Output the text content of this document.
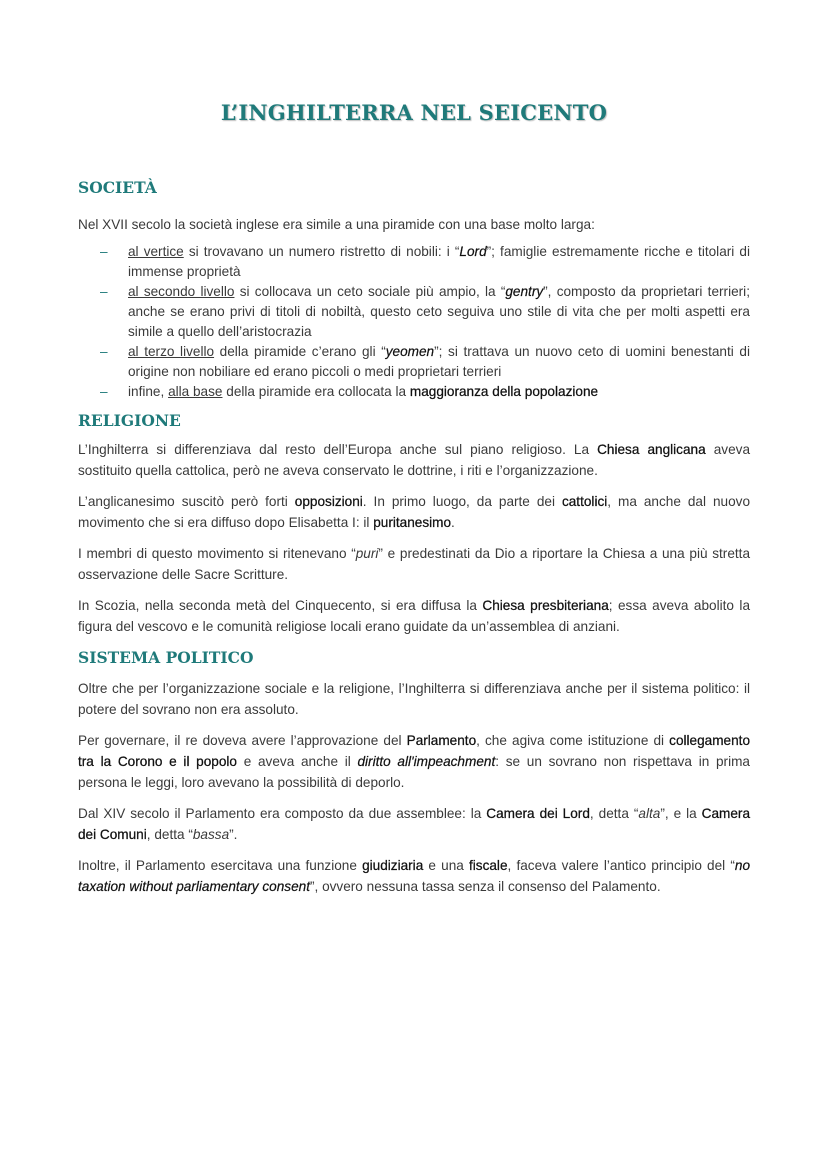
L’INGHILTERRA NEL SEICENTO
SOCIETÀ

Nel XVII secolo la società inglese era simile a una piramide con una base molto larga:

– al vertice si trovavano un numero ristretto di nobili: i “Lord”; famiglie estremamente ricche e titolari di immense proprietà
– al secondo livello si collocava un ceto sociale più ampio, la “gentry”, composto da proprietari terrieri; anche se erano privi di titoli di nobiltà, questo ceto seguiva uno stile di vita che per molti aspetti era simile a quello dell’aristocrazia
– al terzo livello della piramide c’erano gli “yeomen”; si trattava un nuovo ceto di uomini benestanti di origine non nobiliare ed erano piccoli o medi proprietari terrieri
– infine, alla base della piramide era collocata la maggioranza della popolazione
RELIGIONE

L’Inghilterra si differenziava dal resto dell’Europa anche sul piano religioso. La Chiesa anglicana aveva sostituito quella cattolica, però ne aveva conservato le dottrine, i riti e l’organizzazione.

L’anglicanesimo suscitò però forti opposizioni. In primo luogo, da parte dei cattolici, ma anche dal nuovo movimento che si era diffuso dopo Elisabetta I: il puritanesimo.

I membri di questo movimento si ritenevano “puri” e predestinati da Dio a riportare la Chiesa a una più stretta osservazione delle Sacre Scritture.

In Scozia, nella seconda metà del Cinquecento, si era diffusa la Chiesa presbiteriana; essa aveva abolito la figura del vescovo e le comunità religiose locali erano guidate da un’assemblea di anziani.

SISTEMA POLITICO

Oltre che per l’organizzazione sociale e la religione, l’Inghilterra si differenziava anche per il sistema politico: il potere del sovrano non era assoluto.

Per governare, il re doveva avere l’approvazione del Parlamento, che agiva come istituzione di collegamento tra la Corono e il popolo e aveva anche il diritto all'impeachment: se un sovrano non rispettava in prima persona le leggi, loro avevano la possibilità di deporlo.

Dal XIV secolo il Parlamento era composto da due assemblee: la Camera dei Lord, detta “alta”, e la Camera dei Comuni, detta “bassa”.

Inoltre, il Parlamento esercitava una funzione giudiziaria e una fiscale, faceva valere l’antico principio del “no taxation without parliamentary consent”, ovvero nessuna tassa senza il consenso del Palamento.
